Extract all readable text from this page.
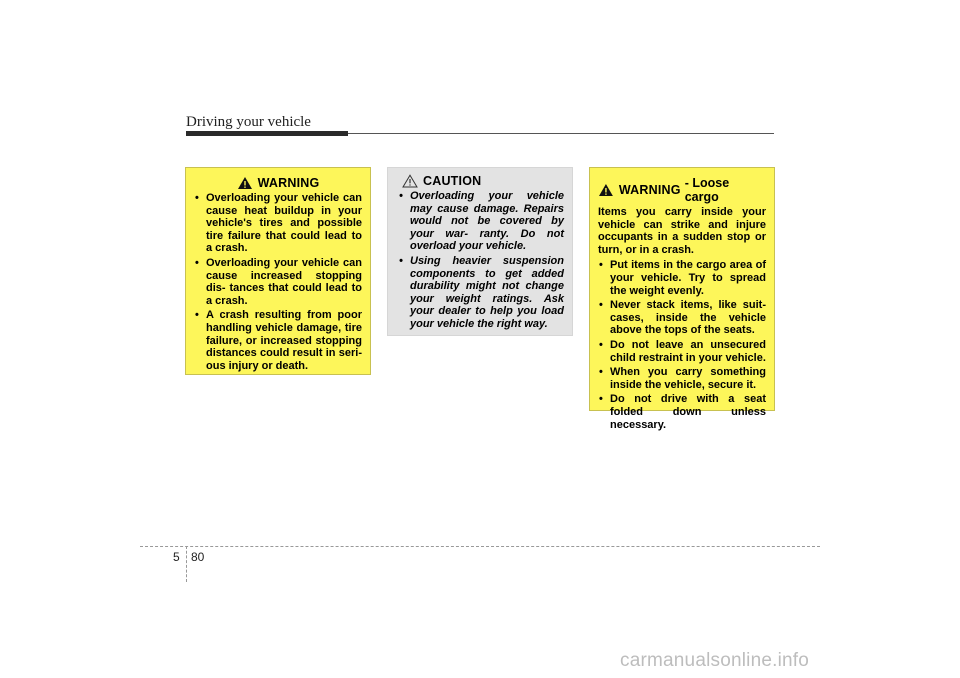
Driving your vehicle
WARNING
• Overloading your vehicle can cause heat buildup in your vehicle's tires and possible tire failure that could lead to a crash.
• Overloading your vehicle can cause increased stopping dis- tances that could lead to a crash.
• A crash resulting from poor handling vehicle damage, tire failure, or increased stopping distances could result in seri- ous injury or death.
CAUTION
• Overloading your vehicle may cause damage. Repairs would not be covered by your war- ranty. Do not overload your vehicle.
• Using heavier suspension components to get added durability might not change your weight ratings. Ask your dealer to help you load your vehicle the right way.
WARNING - Loose cargo

Items you carry inside your vehicle can strike and injure occupants in a sudden stop or turn, or in a crash.

• Put items in the cargo area of your vehicle. Try to spread the weight evenly.
• Never stack items, like suit- cases, inside the vehicle above the tops of the seats.
• Do not leave an unsecured child restraint in your vehicle.
• When you carry something inside the vehicle, secure it.
• Do not drive with a seat folded down unless necessary.
5 80
carmanualsonline.info
